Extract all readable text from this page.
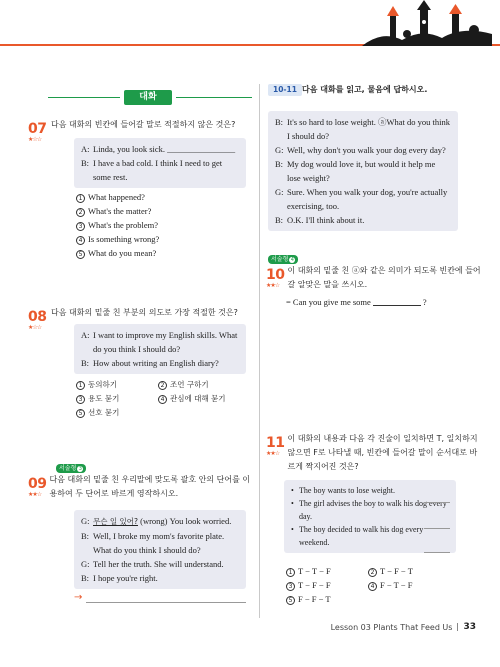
대화
07
★☆☆
다음 대화의 빈칸에 들어갈 말로 적절하지 않은 것은?
A: Linda, you look sick. ________________
B: I have a bad cold. I think I need to get some rest.
1 What happened?
2 What's the matter?
3 What's the problem?
4 Is something wrong?
5 What do you mean?
08
★☆☆
다음 대화의 밑줄 친 부분의 의도로 가장 적절한 것은?
A: I want to improve my English skills. What do you think I should do?
B: How about writing an English diary?
1 동의하기	2 조언 구하기
3 용도 묻기	4 관심에 대해 묻기
5 선호 묻기
서술형 3
09
★★☆
다음 대화의 밑줄 친 우리말에 맞도록 괄호 안의 단어를 이용하여 두 단어로 바르게 영작하시오.
G: 무슨 일 있어? (wrong) You look worried.
B: Well, I broke my mom's favorite plate. What do you think I should do?
G: Tell her the truth. She will understand.
B: I hope you're right.
→
10-11 다음 대화를 읽고, 물음에 답하시오.
B: It's so hard to lose weight. ⓐWhat do you think I should do?
G: Well, why don't you walk your dog every day?
B: My dog would love it, but would it help me lose weight?
G: Sure. When you walk your dog, you're actually exercising, too.
B: O.K. I'll think about it.
서술형 4
10
★★☆
이 대화의 밑줄 친 ⓐ와 같은 의미가 되도록 빈칸에 들어갈 알맞은 말을 쓰시오.
= Can you give me some	?
11
★★☆
이 대화의 내용과 다음 각 진술이 일치하면 T, 일치하지 않으면 F로 나타낼 때, 빈칸에 들어갈 말이 순서대로 바르게 짝지어진 것은?
• The boy wants to lose weight.
• The girl advises the boy to walk his dog every day.
• The boy decided to walk his dog every weekend.
1 T − T − F	2 T − F − T
3 T − F − F	4 F − T − F
5 F − F − T
Lesson 03 Plants That Feed Us 33
